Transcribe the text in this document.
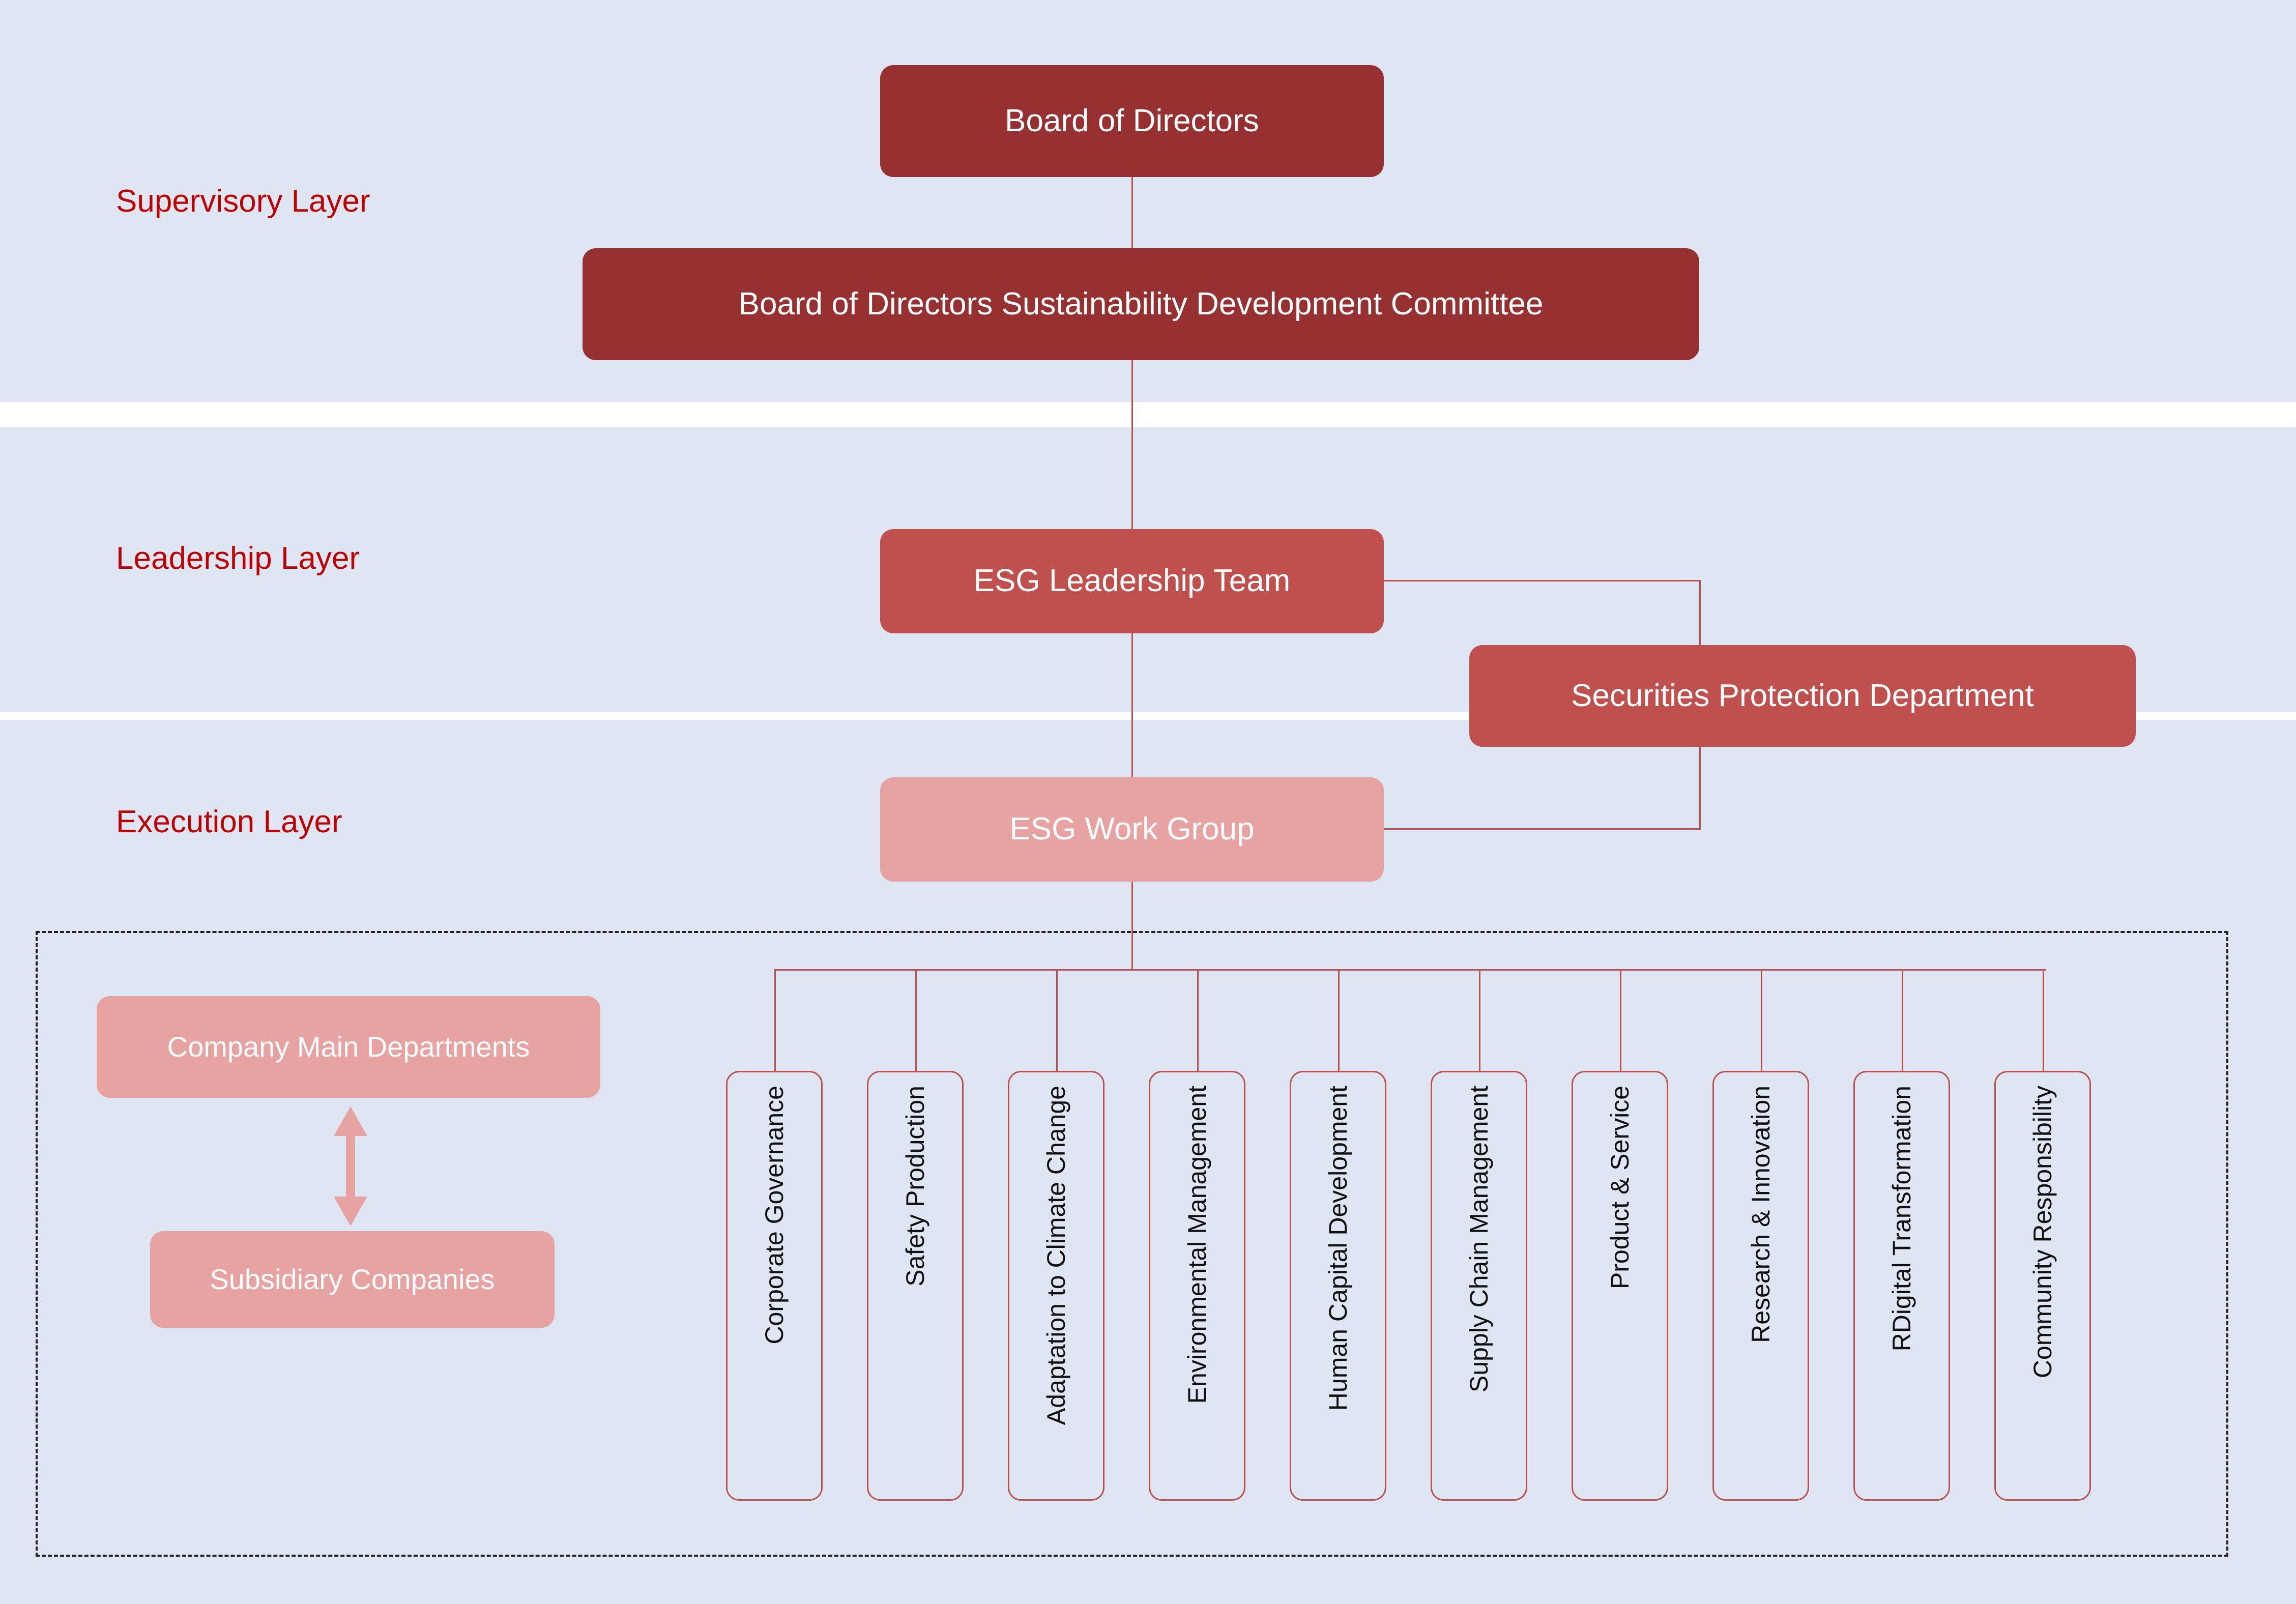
Supervisory Layer
Leadership Layer
Execution Layer
Board of Directors
Board of Directors Sustainability Development Committee
ESG Leadership Team
Securities Protection Department
ESG Work Group
Company Main Departments
Subsidiary Companies	Corporate Governance	Safety Production	Adaptation to Climate Change	Environmental Management	Human Capital Development	Supply Chain Management	Product & Service	Research & Innovation	RDigital Transformation	Community Responsibility
